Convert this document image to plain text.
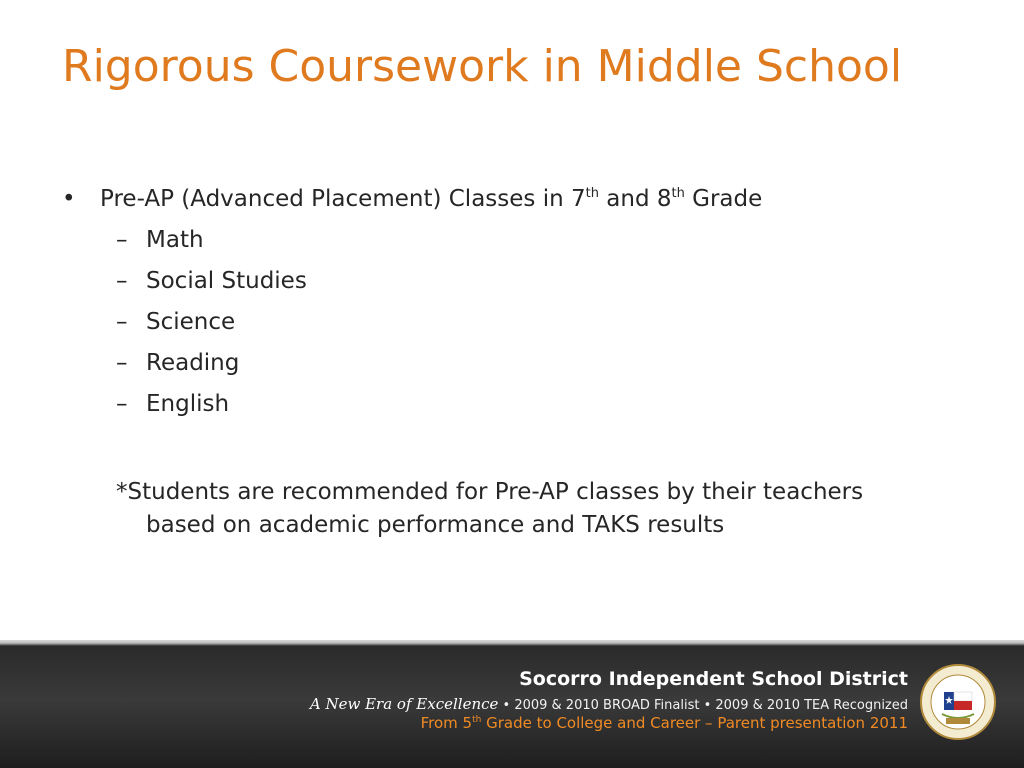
Rigorous Coursework in Middle School
• Pre-AP (Advanced Placement) Classes in 7th and 8th Grade
– Math
– Social Studies
– Science
– Reading
– English
*Students are recommended for Pre-AP classes by their teachers based on academic performance and TAKS results
Socorro Independent School District
A New Era of Excellence • 2009 & 2010 BROAD Finalist • 2009 & 2010 TEA Recognized
From 5th Grade to College and Career – Parent presentation 2011
